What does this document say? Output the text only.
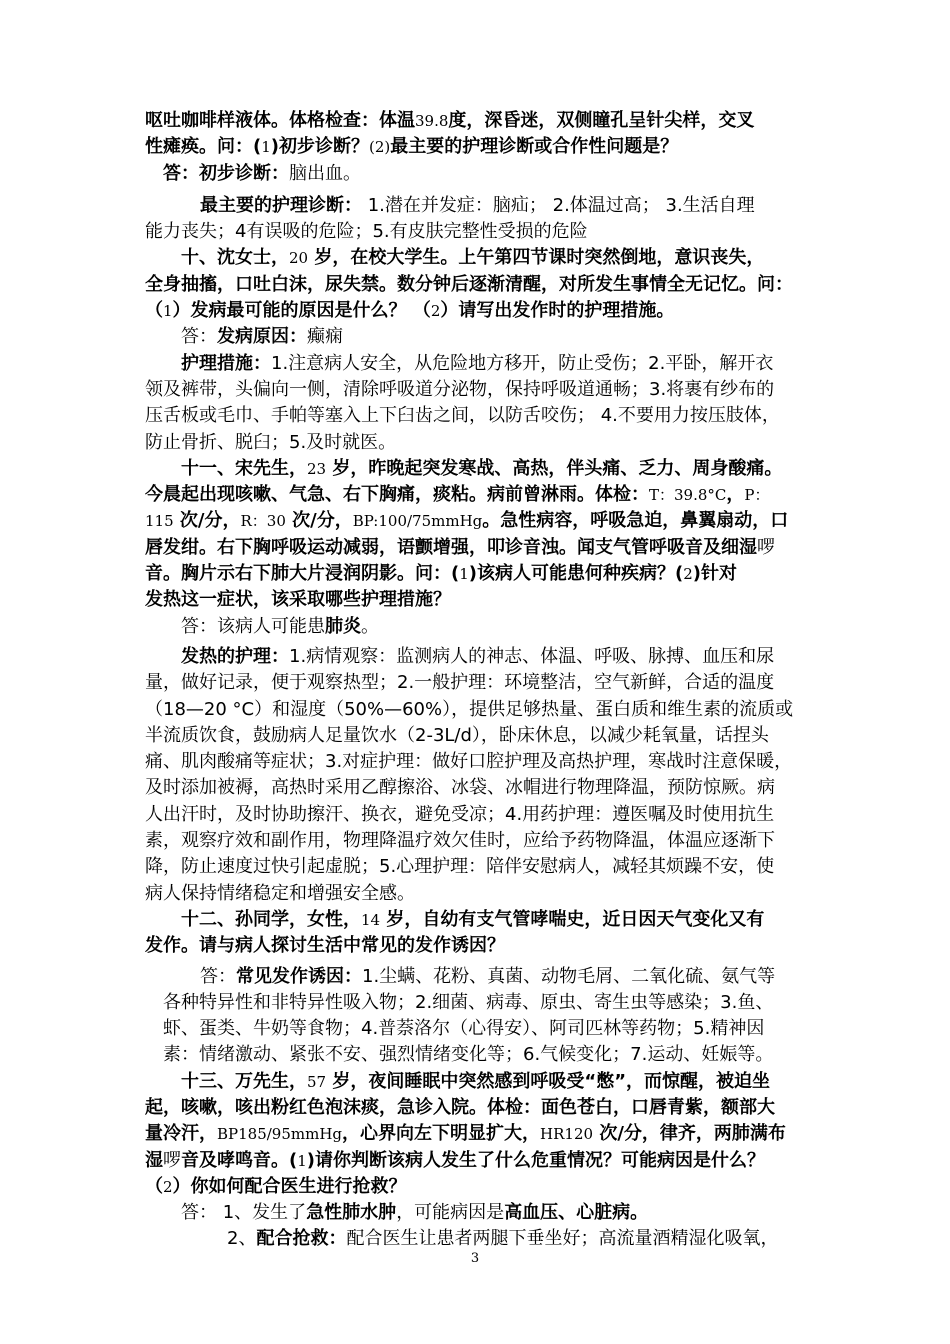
呕吐咖啡样液体。体格检查：体温39.8度，深昏迷，双侧瞳孔呈针尖样，交叉
性瘫痪。问：(1)初步诊断？(2)最主要的护理诊断或合作性问题是？
答：初步诊断：脑出血。
最主要的护理诊断： 1.潜在并发症：脑疝； 2.体温过高； 3.生活自理
能力丧失；4有误吸的危险；5.有皮肤完整性受损的危险
十、沈女士，20 岁，在校大学生。上午第四节课时突然倒地，意识丧失，
全身抽搐，口吐白沫，尿失禁。数分钟后逐渐清醒，对所发生事情全无记忆。问：
（1）发病最可能的原因是什么？ （2）请写出发作时的护理措施。
答：发病原因：癫痫
护理措施：1.注意病人安全，从危险地方移开，防止受伤；2.平卧，解开衣
领及裤带，头偏向一侧，清除呼吸道分泌物，保持呼吸道通畅；3.将裹有纱布的
压舌板或毛巾、手帕等塞入上下臼齿之间，以防舌咬伤； 4.不要用力按压肢体，
防止骨折、脱臼；5.及时就医。
十一、宋先生，23 岁，昨晚起突发寒战、高热，伴头痛、乏力、周身酸痛。
今晨起出现咳嗽、气急、右下胸痛，痰粘。病前曾淋雨。体检：T：39.8°C，P：
115 次/分，R：30 次/分，BP:100/75mmHg。急性病容，呼吸急迫，鼻翼扇动，口
唇发绀。右下胸呼吸运动减弱，语颤增强，叩诊音浊。闻支气管呼吸音及细湿啰
音。胸片示右下肺大片浸润阴影。问：(1)该病人可能患何种疾病？(2)针对
发热这一症状，该采取哪些护理措施？
答：该病人可能患肺炎。
发热的护理：1.病情观察：监测病人的神志、体温、呼吸、脉搏、血压和尿
量，做好记录，便于观察热型；2.一般护理：环境整洁，空气新鲜，合适的温度
（18—20 °C）和湿度（50%—60%），提供足够热量、蛋白质和维生素的流质或
半流质饮食，鼓励病人足量饮水（2-3L/d），卧床休息，以减少耗氧量，话捏头
痛、肌肉酸痛等症状；3.对症护理：做好口腔护理及高热护理，寒战时注意保暖，
及时添加被褥，高热时采用乙醇擦浴、冰袋、冰帽进行物理降温，预防惊厥。病
人出汗时，及时协助擦汗、换衣，避免受凉；4.用药护理：遵医嘱及时使用抗生
素，观察疗效和副作用，物理降温疗效欠佳时，应给予药物降温，体温应逐渐下
降，防止速度过快引起虚脱；5.心理护理：陪伴安慰病人，减轻其烦躁不安，使
病人保持情绪稳定和增强安全感。
十二、孙同学，女性，14 岁，自幼有支气管哮喘史，近日因天气变化又有
发作。请与病人探讨生活中常见的发作诱因？
答：常见发作诱因：1.尘螨、花粉、真菌、动物毛屑、二氧化硫、氨气等
各种特异性和非特异性吸入物；2.细菌、病毒、原虫、寄生虫等感染；3.鱼、
虾、蛋类、牛奶等食物；4.普萘洛尔（心得安）、阿司匹林等药物；5.精神因
素：情绪激动、紧张不安、强烈情绪变化等；6.气候变化；7.运动、妊娠等。
十三、万先生，57 岁，夜间睡眠中突然感到呼吸受“憋”，而惊醒，被迫坐
起，咳嗽，咳出粉红色泡沫痰，急诊入院。体检：面色苍白，口唇青紫，额部大
量冷汗，BP185/95mmHg，心界向左下明显扩大，HR120 次/分，律齐，两肺满布
湿啰音及哮鸣音。(1)请你判断该病人发生了什么危重情况？可能病因是什么？
（2）你如何配合医生进行抢救？
答： 1、发生了急性肺水肿，可能病因是高血压、心脏病。
2、配合抢救：配合医生让患者两腿下垂坐好；高流量酒精湿化吸氧，
3
